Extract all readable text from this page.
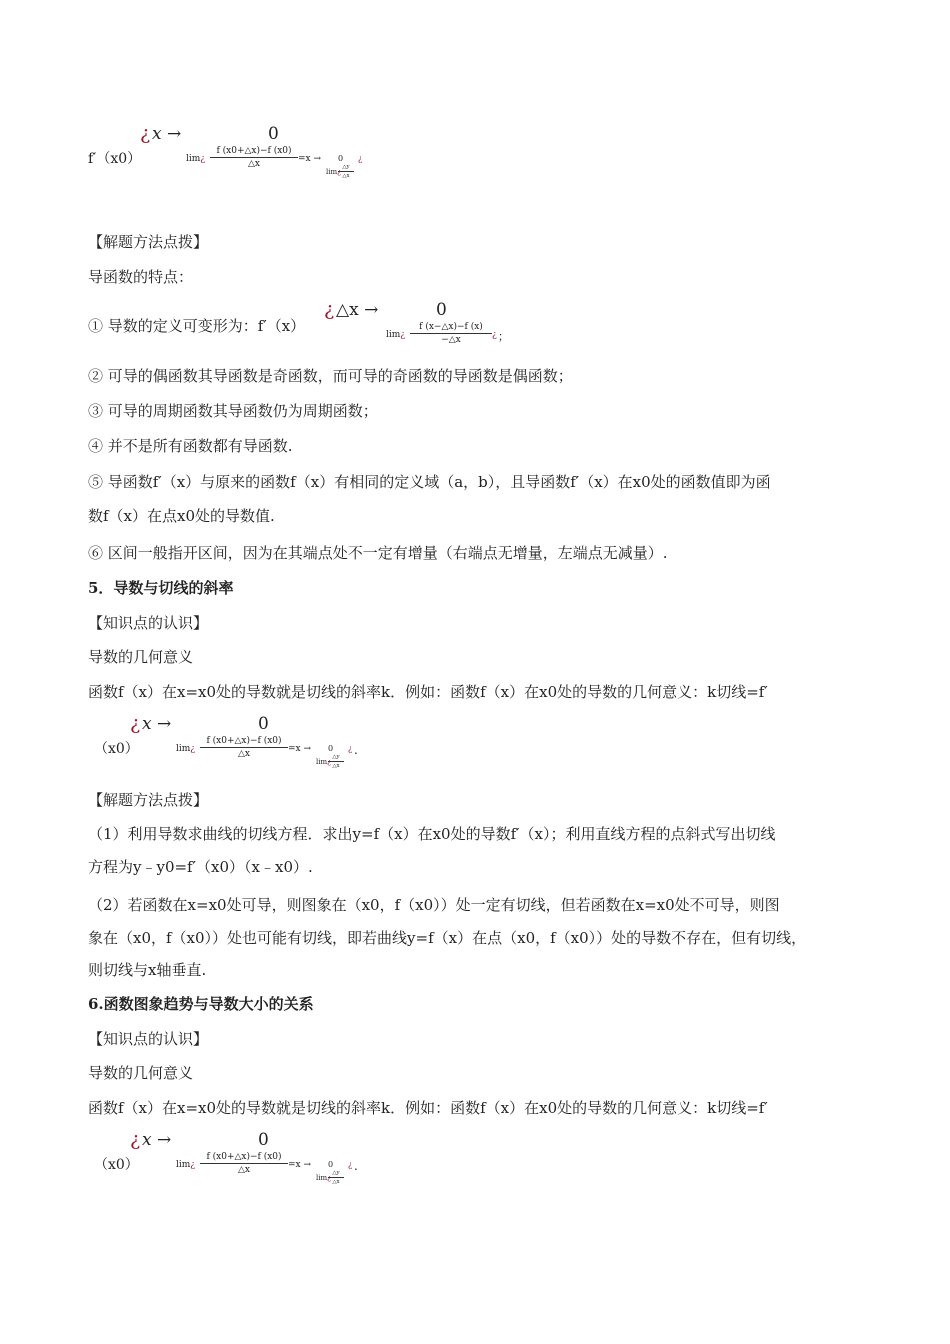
f′（x0）
¿ x →	0
lim¿
f (x0+△x)−f (x0)
△x	=x → 0
lim¿
△y
△x
¿
【解题方法点拨】
导函数的特点：
① 导数的定义可变形为：f′（x）
¿ △x →	0
lim¿
f (x−△x)−f (x)
−△x	¿ ；
② 可导的偶函数其导函数是奇函数，而可导的奇函数的导函数是偶函数；
③ 可导的周期函数其导函数仍为周期函数；
④ 并不是所有函数都有导函数.
⑤ 导函数f′（x）与原来的函数f（x）有相同的定义域（a，b），且导函数f′（x）在x0处的函数值即为函
数f（x）在点x0处的导数值.
⑥ 区间一般指开区间，因为在其端点处不一定有增量（右端点无增量，左端点无减量）.
5．导数与切线的斜率
【知识点的认识】
导数的几何意义
函数f（x）在x=x0处的导数就是切线的斜率k．例如：函数f（x）在x0处的导数的几何意义：k切线=f′
（x0）
¿ x →	0
lim¿
f (x0+△x)−f (x0)
△x	=x → 0
lim¿
△y
△x
¿ .
【解题方法点拨】
（1）利用导数求曲线的切线方程．求出y=f（x）在x0处的导数f′（x）；利用直线方程的点斜式写出切线
方程为y﹣y0=f′（x0）（x﹣x0）.
（2）若函数在x=x0处可导，则图象在（x0，f（x0））处一定有切线，但若函数在x=x0处不可导，则图
象在（x0，f（x0））处也可能有切线，即若曲线y=f（x）在点（x0，f（x0））处的导数不存在，但有切线，
则切线与x轴垂直.
6.函数图象趋势与导数大小的关系
【知识点的认识】
导数的几何意义
函数f（x）在x=x0处的导数就是切线的斜率k．例如：函数f（x）在x0处的导数的几何意义：k切线=f′
（x0）
¿ x →	0
lim¿
f (x0+△x)−f (x0)
△x	=x → 0
lim¿
△y
△x
¿ .
